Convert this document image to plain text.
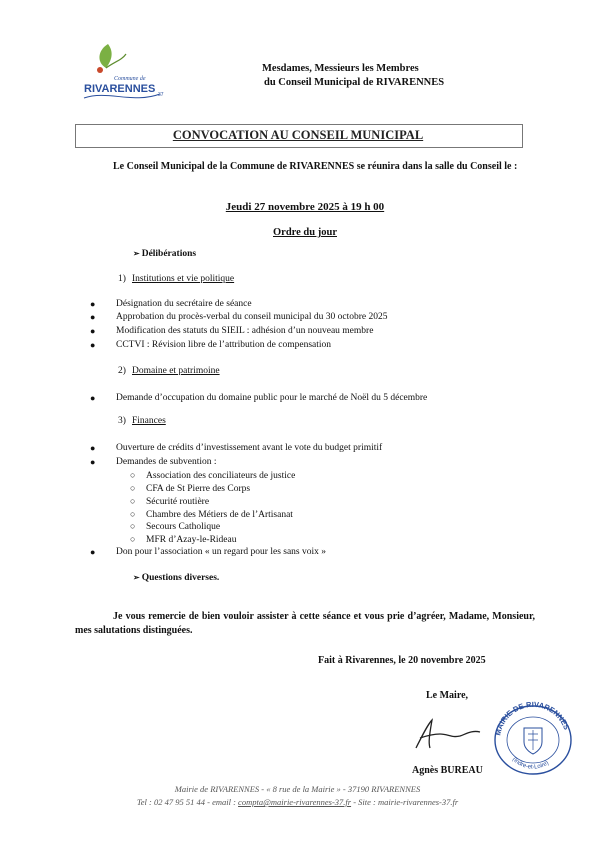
Commune de
RIVARENNES 37
Mesdames, Messieurs les Membres
du Conseil Municipal de RIVARENNES
CONVOCATION AU CONSEIL MUNICIPAL
Le Conseil Municipal de la Commune de RIVARENNES se réunira dans la salle du Conseil le :
Jeudi 27 novembre 2025 à 19 h 00
Ordre du jour
➢ Délibérations
1) Institutions et vie politique
● Désignation du secrétaire de séance
● Approbation du procès-verbal du conseil municipal du 30 octobre 2025
● Modification des statuts du SIEIL : adhésion d’un nouveau membre
● CCTVI : Révision libre de l’attribution de compensation
2) Domaine et patrimoine
● Demande d’occupation du domaine public pour le marché de Noël du 5 décembre
3) Finances
● Ouverture de crédits d’investissement avant le vote du budget primitif
● Demandes de subvention :
○ Association des conciliateurs de justice
○ CFA de St Pierre des Corps
○ Sécurité routière
○ Chambre des Métiers de de l’Artisanat
○ Secours Catholique
○ MFR d’Azay-le-Rideau
● Don pour l’association « un regard pour les sans voix »
➢ Questions diverses.
Je vous remercie de bien vouloir assister à cette séance et vous prie d’agréer, Madame, Monsieur, mes salutations distinguées.
Fait à Rivarennes, le 20 novembre 2025
Le Maire,
MAIRIE DE RIVARENNES
(Indre-et-Loire)
Agnès BUREAU
Mairie de RIVARENNES - « 8 rue de la Mairie » - 37190 RIVARENNES
Tel : 02 47 95 51 44 - email : compta@mairie-rivarennes-37.fr - Site : mairie-rivarennes-37.fr
